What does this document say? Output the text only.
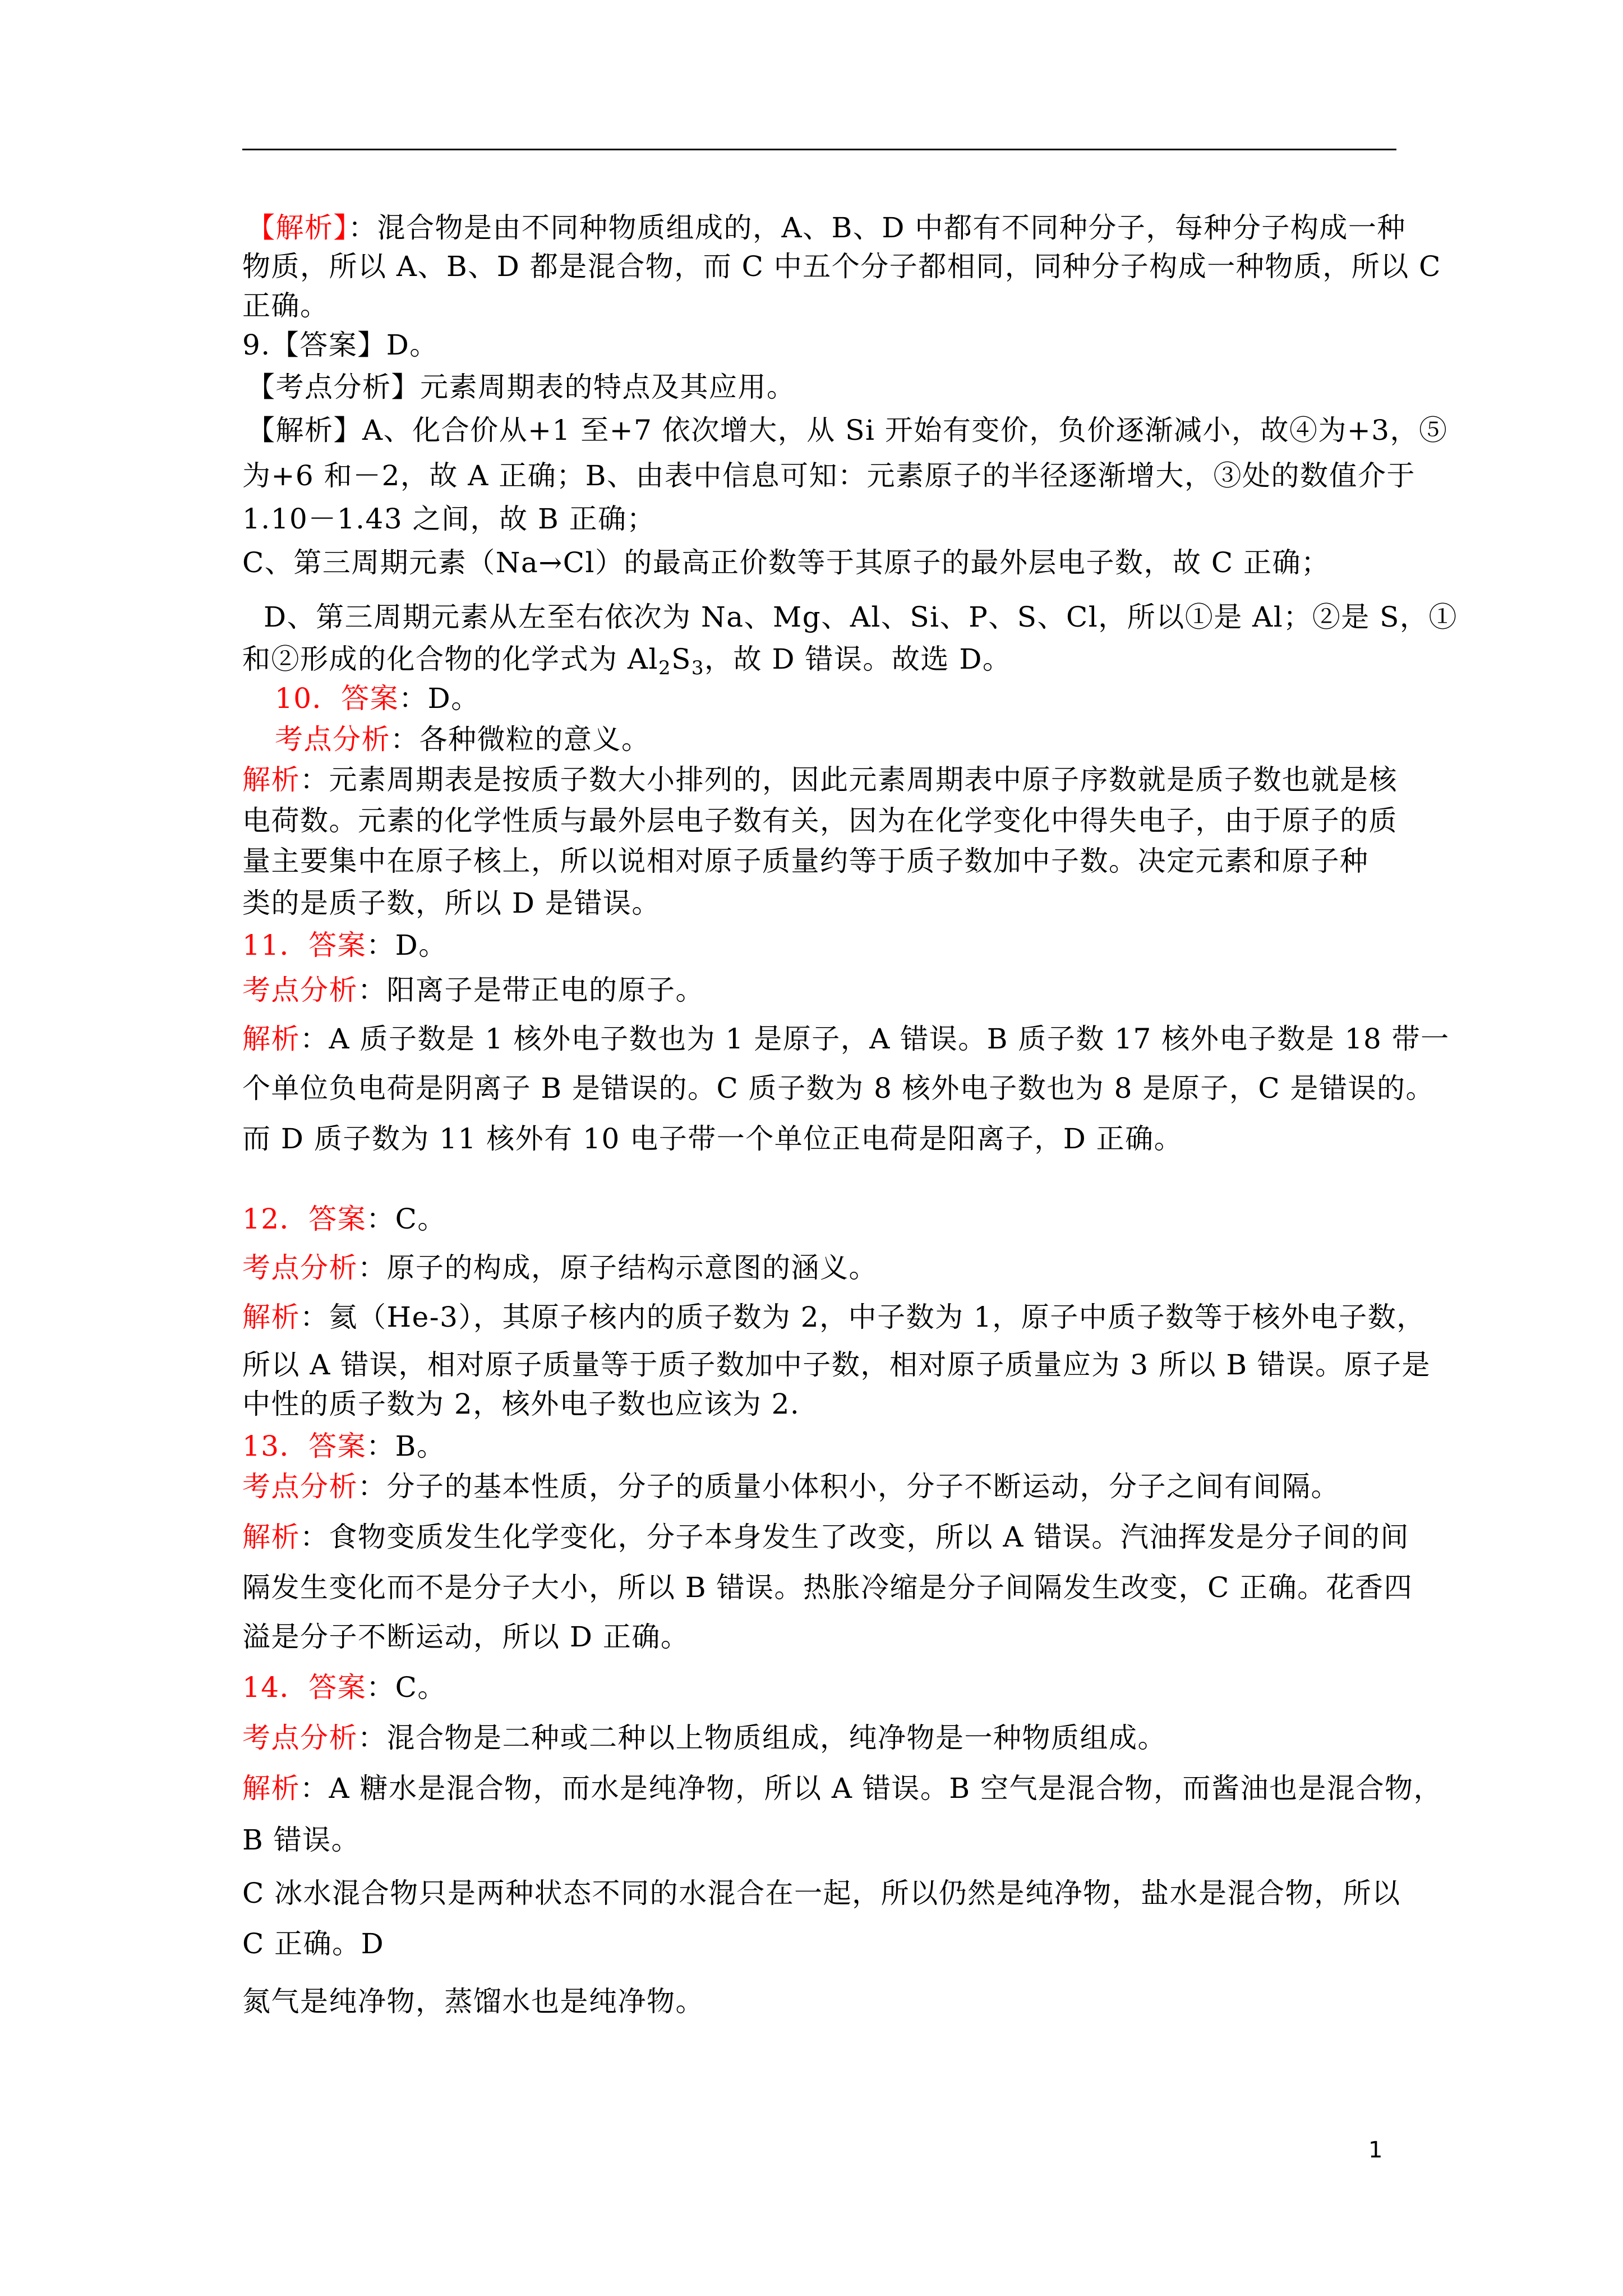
【解析】：混合物是由不同种物质组成的，A、B、D 中都有不同种分子，每种分子构成一种
物质，所以 A、B、D 都是混合物，而 C 中五个分子都相同，同种分子构成一种物质，所以 C
正确。
9.【答案】D。
【考点分析】元素周期表的特点及其应用。
【解析】A、化合价从+1 至+7 依次增大，从 Si 开始有变价，负价逐渐减小，故④为+3，⑤
为+6 和－2，故 A 正确；B、由表中信息可知：元素原子的半径逐渐增大，③处的数值介于
1.10－1.43 之间，故 B 正确；
C、第三周期元素（Na→Cl）的最高正价数等于其原子的最外层电子数，故 C 正确；
D、第三周期元素从左至右依次为 Na、Mg、Al、Si、P、S、Cl，所以①是 Al；②是 S，①
和②形成的化合物的化学式为 $Al_2S_3$，故 D 错误。故选 D。
10．答案：D。
考点分析：各种微粒的意义。
解析：元素周期表是按质子数大小排列的，因此元素周期表中原子序数就是质子数也就是核
电荷数。元素的化学性质与最外层电子数有关，因为在化学变化中得失电子，由于原子的质
量主要集中在原子核上，所以说相对原子质量约等于质子数加中子数。决定元素和原子种
类的是质子数，所以 D 是错误。
11．答案：D。
考点分析：阳离子是带正电的原子。
解析：A 质子数是 1 核外电子数也为 1 是原子，A 错误。B 质子数 17 核外电子数是 18 带一
个单位负电荷是阴离子 B 是错误的。C 质子数为 8 核外电子数也为 8 是原子，C 是错误的。
而 D 质子数为 11 核外有 10 电子带一个单位正电荷是阳离子，D 正确。
12．答案：C。
考点分析：原子的构成，原子结构示意图的涵义。
解析：氦（He-3），其原子核内的质子数为 2，中子数为 1，原子中质子数等于核外电子数，
所以 A 错误，相对原子质量等于质子数加中子数，相对原子质量应为 3 所以 B 错误。原子是
中性的质子数为 2，核外电子数也应该为 2.
13．答案：B。
考点分析：分子的基本性质，分子的质量小体积小，分子不断运动，分子之间有间隔。
解析：食物变质发生化学变化，分子本身发生了改变，所以 A 错误。汽油挥发是分子间的间
隔发生变化而不是分子大小，所以 B 错误。热胀冷缩是分子间隔发生改变，C 正确。花香四
溢是分子不断运动，所以 D 正确。
14．答案：C。
考点分析：混合物是二种或二种以上物质组成，纯净物是一种物质组成。
解析：A 糖水是混合物，而水是纯净物，所以 A 错误。B 空气是混合物，而酱油也是混合物，
B 错误。
C 冰水混合物只是两种状态不同的水混合在一起，所以仍然是纯净物，盐水是混合物，所以
C 正确。D
氮气是纯净物，蒸馏水也是纯净物。
1
